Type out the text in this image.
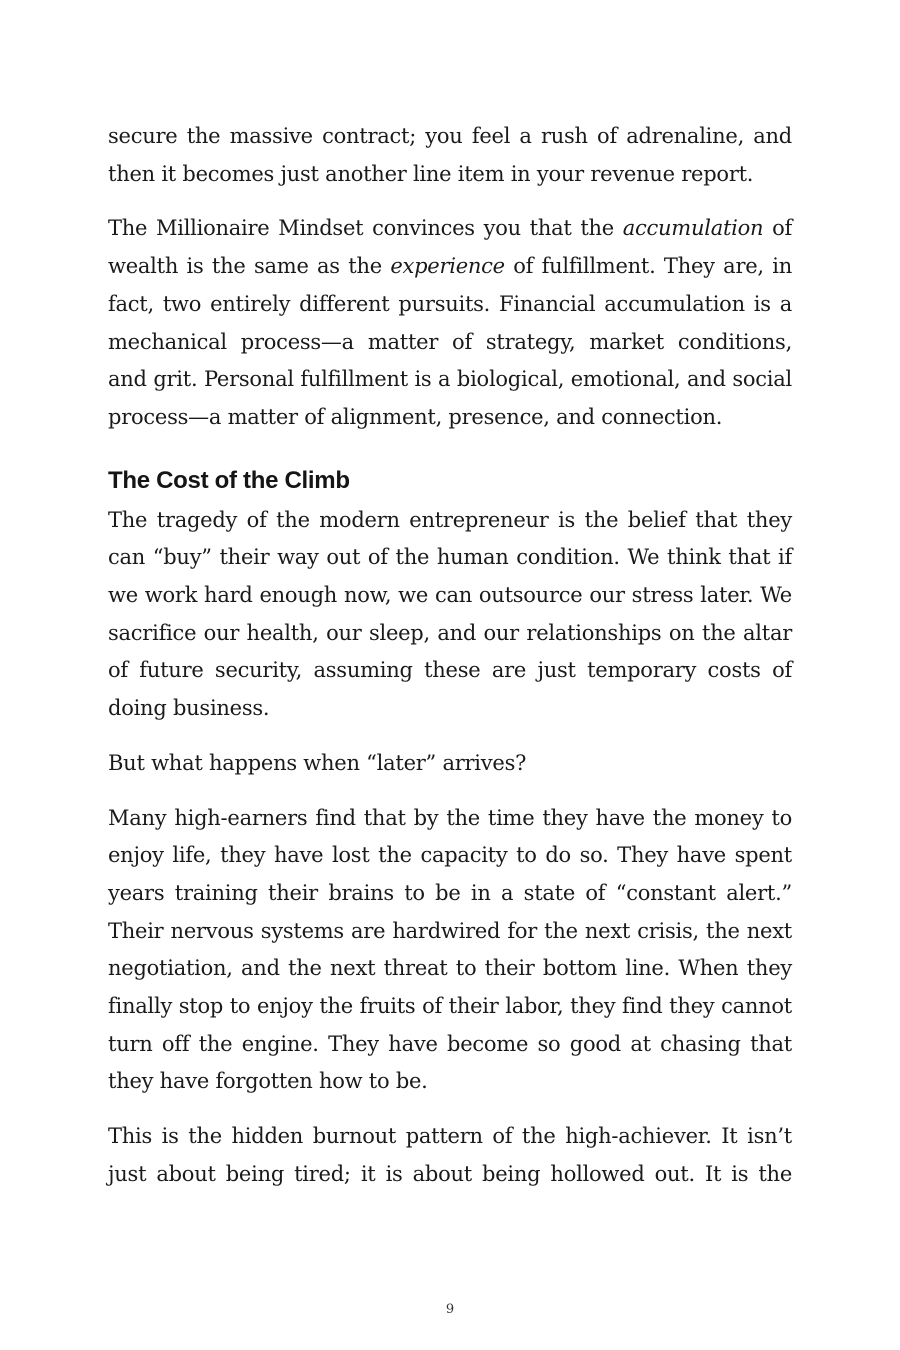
secure the massive contract; you feel a rush of adrenaline, and then it becomes just another line item in your revenue report.

The Millionaire Mindset convinces you that the accumulation of wealth is the same as the experience of fulfillment. They are, in fact, two entirely different pursuits. Financial accumulation is a mechanical process—a matter of strategy, market conditions, and grit. Personal fulfillment is a biological, emotional, and social process—a matter of alignment, presence, and connection.

The Cost of the Climb

The tragedy of the modern entrepreneur is the belief that they can “buy” their way out of the human condition. We think that if we work hard enough now, we can outsource our stress later. We sacrifice our health, our sleep, and our relationships on the altar of future security, assuming these are just temporary costs of doing business.

But what happens when “later” arrives?

Many high-earners find that by the time they have the money to enjoy life, they have lost the capacity to do so. They have spent years training their brains to be in a state of “constant alert.” Their nervous systems are hardwired for the next crisis, the next negotiation, and the next threat to their bottom line. When they finally stop to enjoy the fruits of their labor, they find they cannot turn off the engine. They have become so good at chasing that they have forgotten how to be.

This is the hidden burnout pattern of the high-achiever. It isn’t just about being tired; it is about being hollowed out. It is the

9
